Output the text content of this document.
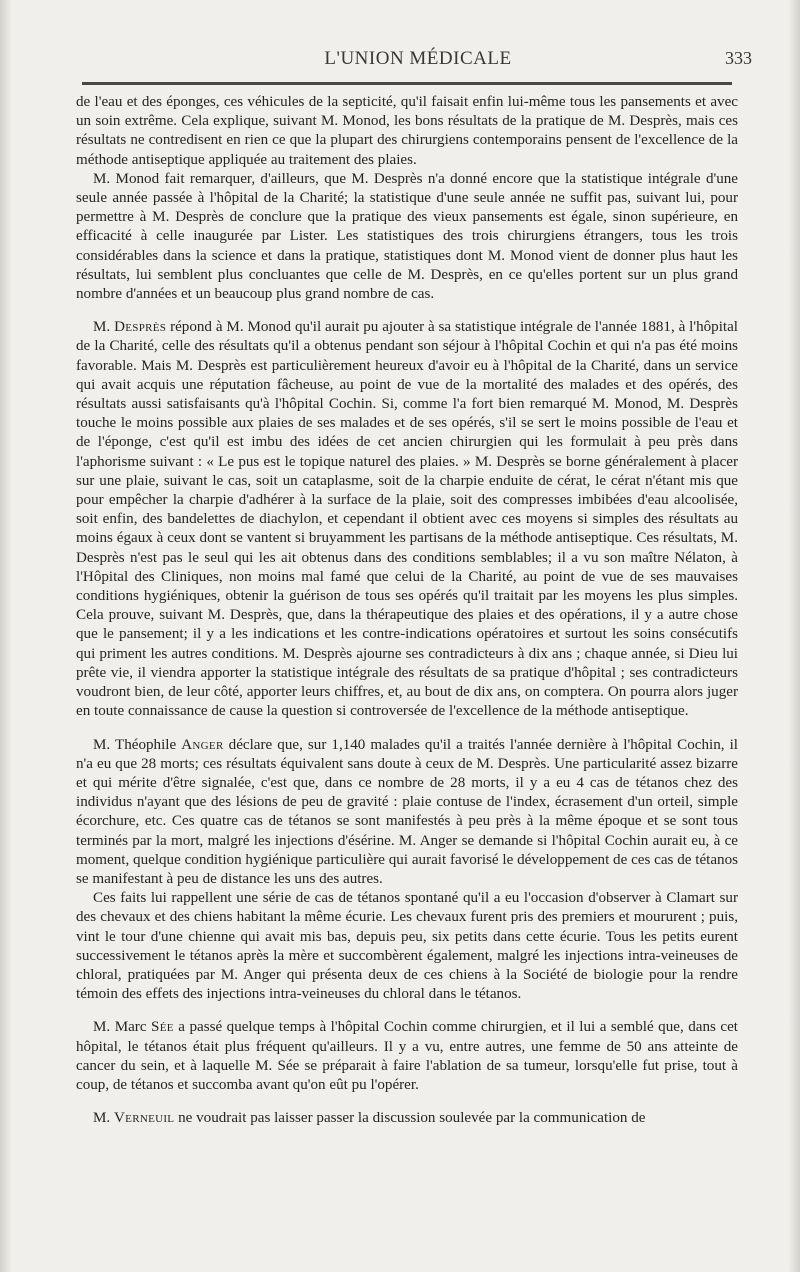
L'UNION MÉDICALE	333

de l'eau et des éponges, ces véhicules de la septicité, qu'il faisait enfin lui-même tous les pansements et avec un soin extrême. Cela explique, suivant M. Monod, les bons résultats de la pratique de M. Desprès, mais ces résultats ne contredisent en rien ce que la plupart des chirurgiens contemporains pensent de l'excellence de la méthode antiseptique appliquée au traitement des plaies.

M. Monod fait remarquer, d'ailleurs, que M. Desprès n'a donné encore que la statistique intégrale d'une seule année passée à l'hôpital de la Charité; la statistique d'une seule année ne suffit pas, suivant lui, pour permettre à M. Desprès de conclure que la pratique des vieux pansements est égale, sinon supérieure, en efficacité à celle inaugurée par Lister. Les statistiques des trois chirurgiens étrangers, tous les trois considérables dans la science et dans la pratique, statistiques dont M. Monod vient de donner plus haut les résultats, lui semblent plus concluantes que celle de M. Desprès, en ce qu'elles portent sur un plus grand nombre d'années et un beaucoup plus grand nombre de cas.

M. Desprès répond à M. Monod qu'il aurait pu ajouter à sa statistique intégrale de l'année 1881, à l'hôpital de la Charité, celle des résultats qu'il a obtenus pendant son séjour à l'hôpital Cochin et qui n'a pas été moins favorable. Mais M. Desprès est particulièrement heureux d'avoir eu à l'hôpital de la Charité, dans un service qui avait acquis une réputation fâcheuse, au point de vue de la mortalité des malades et des opérés, des résultats aussi satisfaisants qu'à l'hôpital Cochin. Si, comme l'a fort bien remarqué M. Monod, M. Desprès touche le moins possible aux plaies de ses malades et de ses opérés, s'il se sert le moins possible de l'eau et de l'éponge, c'est qu'il est imbu des idées de cet ancien chirurgien qui les formulait à peu près dans l'aphorisme suivant : « Le pus est le topique naturel des plaies. » M. Desprès se borne généralement à placer sur une plaie, suivant le cas, soit un cataplasme, soit de la charpie enduite de cérat, le cérat n'étant mis que pour empêcher la charpie d'adhérer à la surface de la plaie, soit des compresses imbibées d'eau alcoolisée, soit enfin, des bandelettes de diachylon, et cependant il obtient avec ces moyens si simples des résultats au moins égaux à ceux dont se vantent si bruyamment les partisans de la méthode antiseptique. Ces résultats, M. Desprès n'est pas le seul qui les ait obtenus dans des conditions semblables; il a vu son maître Nélaton, à l'Hôpital des Cliniques, non moins mal famé que celui de la Charité, au point de vue de ses mauvaises conditions hygiéniques, obtenir la guérison de tous ses opérés qu'il traitait par les moyens les plus simples. Cela prouve, suivant M. Desprès, que, dans la thérapeutique des plaies et des opérations, il y a autre chose que le pansement; il y a les indications et les contre-indications opératoires et surtout les soins consécutifs qui priment les autres conditions. M. Desprès ajourne ses contradicteurs à dix ans ; chaque année, si Dieu lui prête vie, il viendra apporter la statistique intégrale des résultats de sa pratique d'hôpital ; ses contradicteurs voudront bien, de leur côté, apporter leurs chiffres, et, au bout de dix ans, on comptera. On pourra alors juger en toute connaissance de cause la question si controversée de l'excellence de la méthode antiseptique.

M. Théophile Anger déclare que, sur 1,140 malades qu'il a traités l'année dernière à l'hôpital Cochin, il n'a eu que 28 morts; ces résultats équivalent sans doute à ceux de M. Desprès. Une particularité assez bizarre et qui mérite d'être signalée, c'est que, dans ce nombre de 28 morts, il y a eu 4 cas de tétanos chez des individus n'ayant que des lésions de peu de gravité : plaie contuse de l'index, écrasement d'un orteil, simple écorchure, etc. Ces quatre cas de tétanos se sont manifestés à peu près à la même époque et se sont tous terminés par la mort, malgré les injections d'ésérine. M. Anger se demande si l'hôpital Cochin aurait eu, à ce moment, quelque condition hygiénique particulière qui aurait favorisé le développement de ces cas de tétanos se manifestant à peu de distance les uns des autres.

Ces faits lui rappellent une série de cas de tétanos spontané qu'il a eu l'occasion d'observer à Clamart sur des chevaux et des chiens habitant la même écurie. Les chevaux furent pris des premiers et moururent ; puis, vint le tour d'une chienne qui avait mis bas, depuis peu, six petits dans cette écurie. Tous les petits eurent successivement le tétanos après la mère et succombèrent également, malgré les injections intra-veineuses de chloral, pratiquées par M. Anger qui présenta deux de ces chiens à la Société de biologie pour la rendre témoin des effets des injections intra-veineuses du chloral dans le tétanos.

M. Marc Sée a passé quelque temps à l'hôpital Cochin comme chirurgien, et il lui a semblé que, dans cet hôpital, le tétanos était plus fréquent qu'ailleurs. Il y a vu, entre autres, une femme de 50 ans atteinte de cancer du sein, et à laquelle M. Sée se préparait à faire l'ablation de sa tumeur, lorsqu'elle fut prise, tout à coup, de tétanos et succomba avant qu'on eût pu l'opérer.

M. Verneuil ne voudrait pas laisser passer la discussion soulevée par la communication de
